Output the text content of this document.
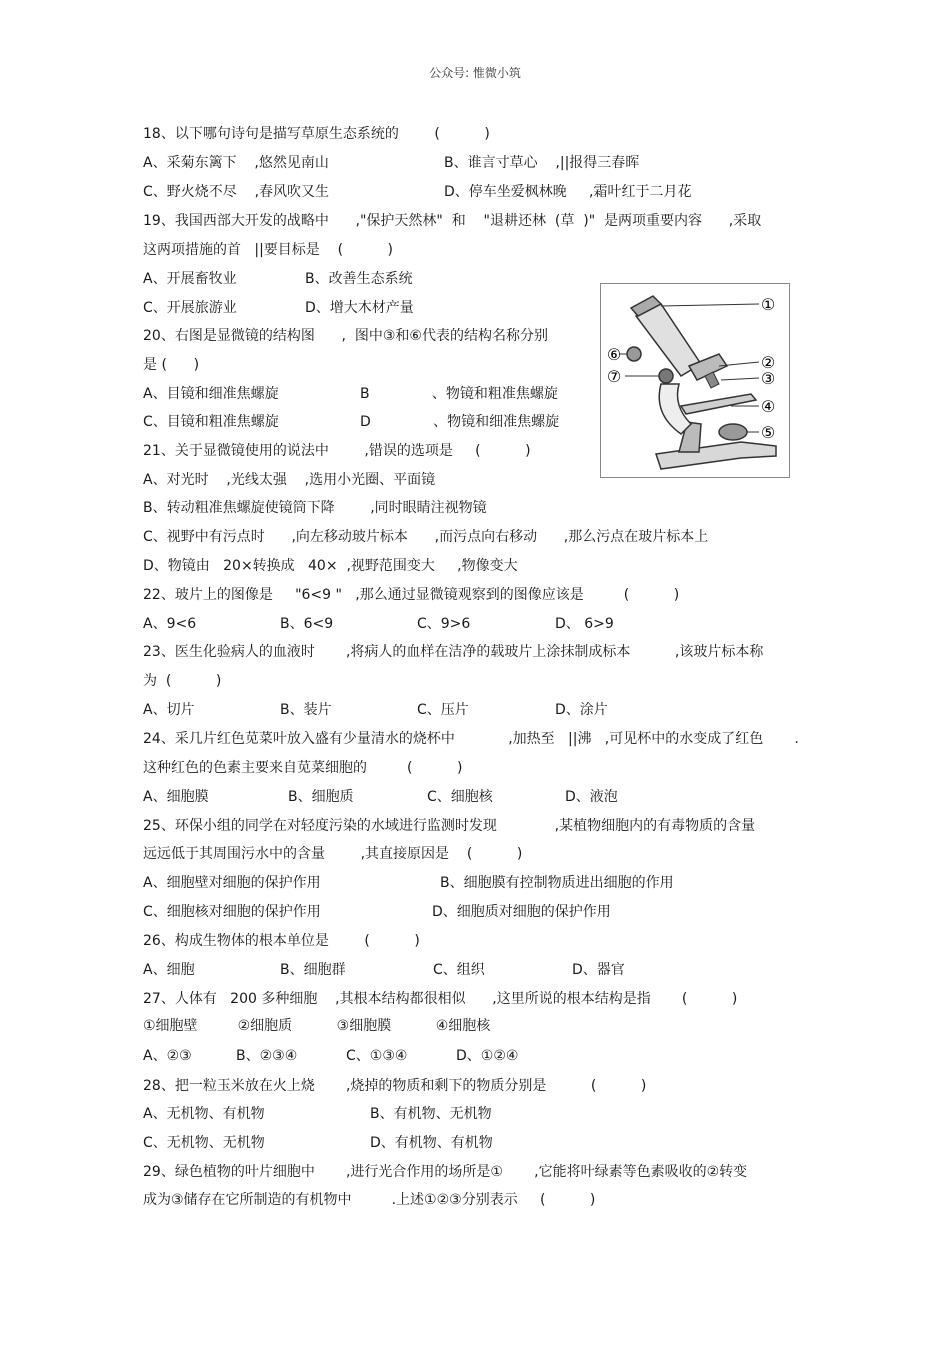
公众号: 惟微小筑
18、以下哪句诗句是描写草原生态系统的        (          )
A、采菊东篱下    ,悠然见南山	B、谁言寸草心    ,||报得三春晖
C、野火烧不尽    ,春风吹又生	D、停车坐爱枫林晚     ,霜叶红于二月花
19、我国西部大开发的战略中      ,"保护天然林"  和    "退耕还林  (草  )"  是两项重要内容      ,采取
这两项措施的首   ||要目标是    (          )
A、开展畜牧业	B、改善生态系统
C、开展旅游业	D、增大木材产量
20、右图是显微镜的结构图      ,  图中③和⑥代表的结构名称分别
是 (      )
A、目镜和细准焦螺旋	B              、物镜和粗准焦螺旋
C、目镜和粗准焦螺旋	D              、物镜和细准焦螺旋
①
②
③
④
⑤
⑥
⑦
21、关于显微镜使用的说法中        ,错误的选项是     (          )
A、对光时    ,光线太强    ,选用小光圈、平面镜
B、转动粗准焦螺旋使镜筒下降        ,同时眼睛注视物镜
C、视野中有污点时      ,向左移动玻片标本      ,而污点向右移动      ,那么污点在玻片标本上
D、物镜由   20×转换成   40×  ,视野范围变大     ,物像变大
22、玻片上的图像是     "6<9 "   ,那么通过显微镜观察到的图像应该是         (          )
A、9<6	B、6<9	C、9>6	D、 6>9
23、医生化验病人的血液时       ,将病人的血样在洁净的载玻片上涂抹制成标本          ,该玻片标本称
为  (          )
A、切片	B、装片	C、压片	D、涂片
24、采几片红色苋菜叶放入盛有少量清水的烧杯中            ,加热至   ||沸   ,可见杯中的水变成了红色       .
这种红色的色素主要来自苋菜细胞的         (          )
A、细胞膜	B、细胞质	C、细胞核	D、液泡
25、环保小组的同学在对轻度污染的水域进行监测时发现             ,某植物细胞内的有毒物质的含量
远远低于其周围污水中的含量        ,其直接原因是    (          )
A、细胞壁对细胞的保护作用	B、细胞膜有控制物质进出细胞的作用
C、细胞核对细胞的保护作用	D、细胞质对细胞的保护作用
26、构成生物体的根本单位是        (          )
A、细胞	B、细胞群	C、组织	D、器官
27、人体有   200 多种细胞    ,其根本结构都很相似      ,这里所说的根本结构是指       (          )
①细胞壁         ②细胞质          ③细胞膜          ④细胞核
A、②③	B、②③④	C、①③④	D、①②④
28、把一粒玉米放在火上烧       ,烧掉的物质和剩下的物质分别是          (          )
A、无机物、有机物	B、有机物、无机物
C、无机物、无机物	D、有机物、有机物
29、绿色植物的叶片细胞中       ,进行光合作用的场所是①       ,它能将叶绿素等色素吸收的②转变
成为③储存在它所制造的有机物中         .上述①②③分别表示     (          )
